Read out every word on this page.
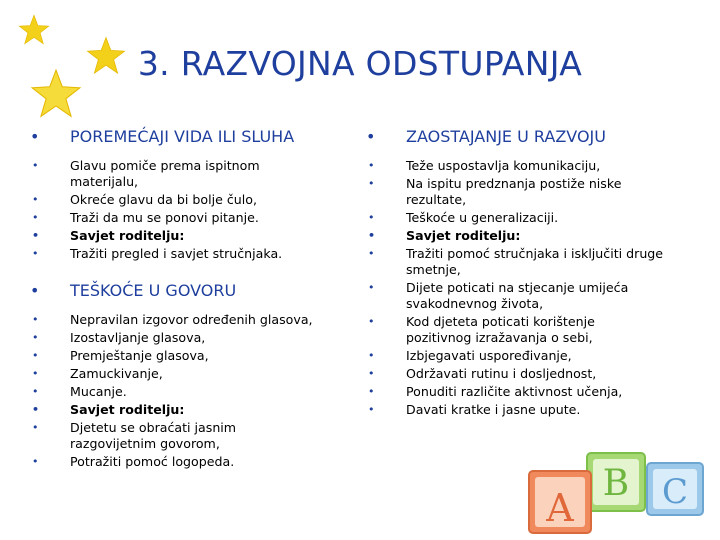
3. RAZVOJNA ODSTUPANJA
• POREMEĆAJI VIDA ILI SLUHA
• Glavu pomiče prema ispitnom materijalu,
• Okreće glavu da bi bolje čulo,
• Traži da mu se ponovi pitanje.
• Savjet roditelju:
• Tražiti pregled i savjet stručnjaka.
• TEŠKOĆE U GOVORU
• Nepravilan izgovor određenih glasova,
• Izostavljanje glasova,
• Premještanje glasova,
• Zamuckivanje,
• Mucanje.
• Savjet roditelju:
• Djetetu se obraćati jasnim razgovijetnim govorom,
• Potražiti pomoć logopeda.
• ZAOSTAJANJE U RAZVOJU
• Teže uspostavlja komunikaciju,
• Na ispitu predznanja postiže niske rezultate,
• Teškoće u generalizaciji.
• Savjet roditelju:
• Tražiti pomoć stručnjaka i isključiti druge smetnje,
• Dijete poticati na stjecanje umijeća svakodnevnog života,
• Kod djeteta poticati korištenje pozitivnog izražavanja o sebi,
• Izbjegavati uspoređivanje,
• Održavati rutinu i dosljednost,
• Ponuditi različite aktivnost učenja,
• Davati kratke i jasne upute.
C
B
A
